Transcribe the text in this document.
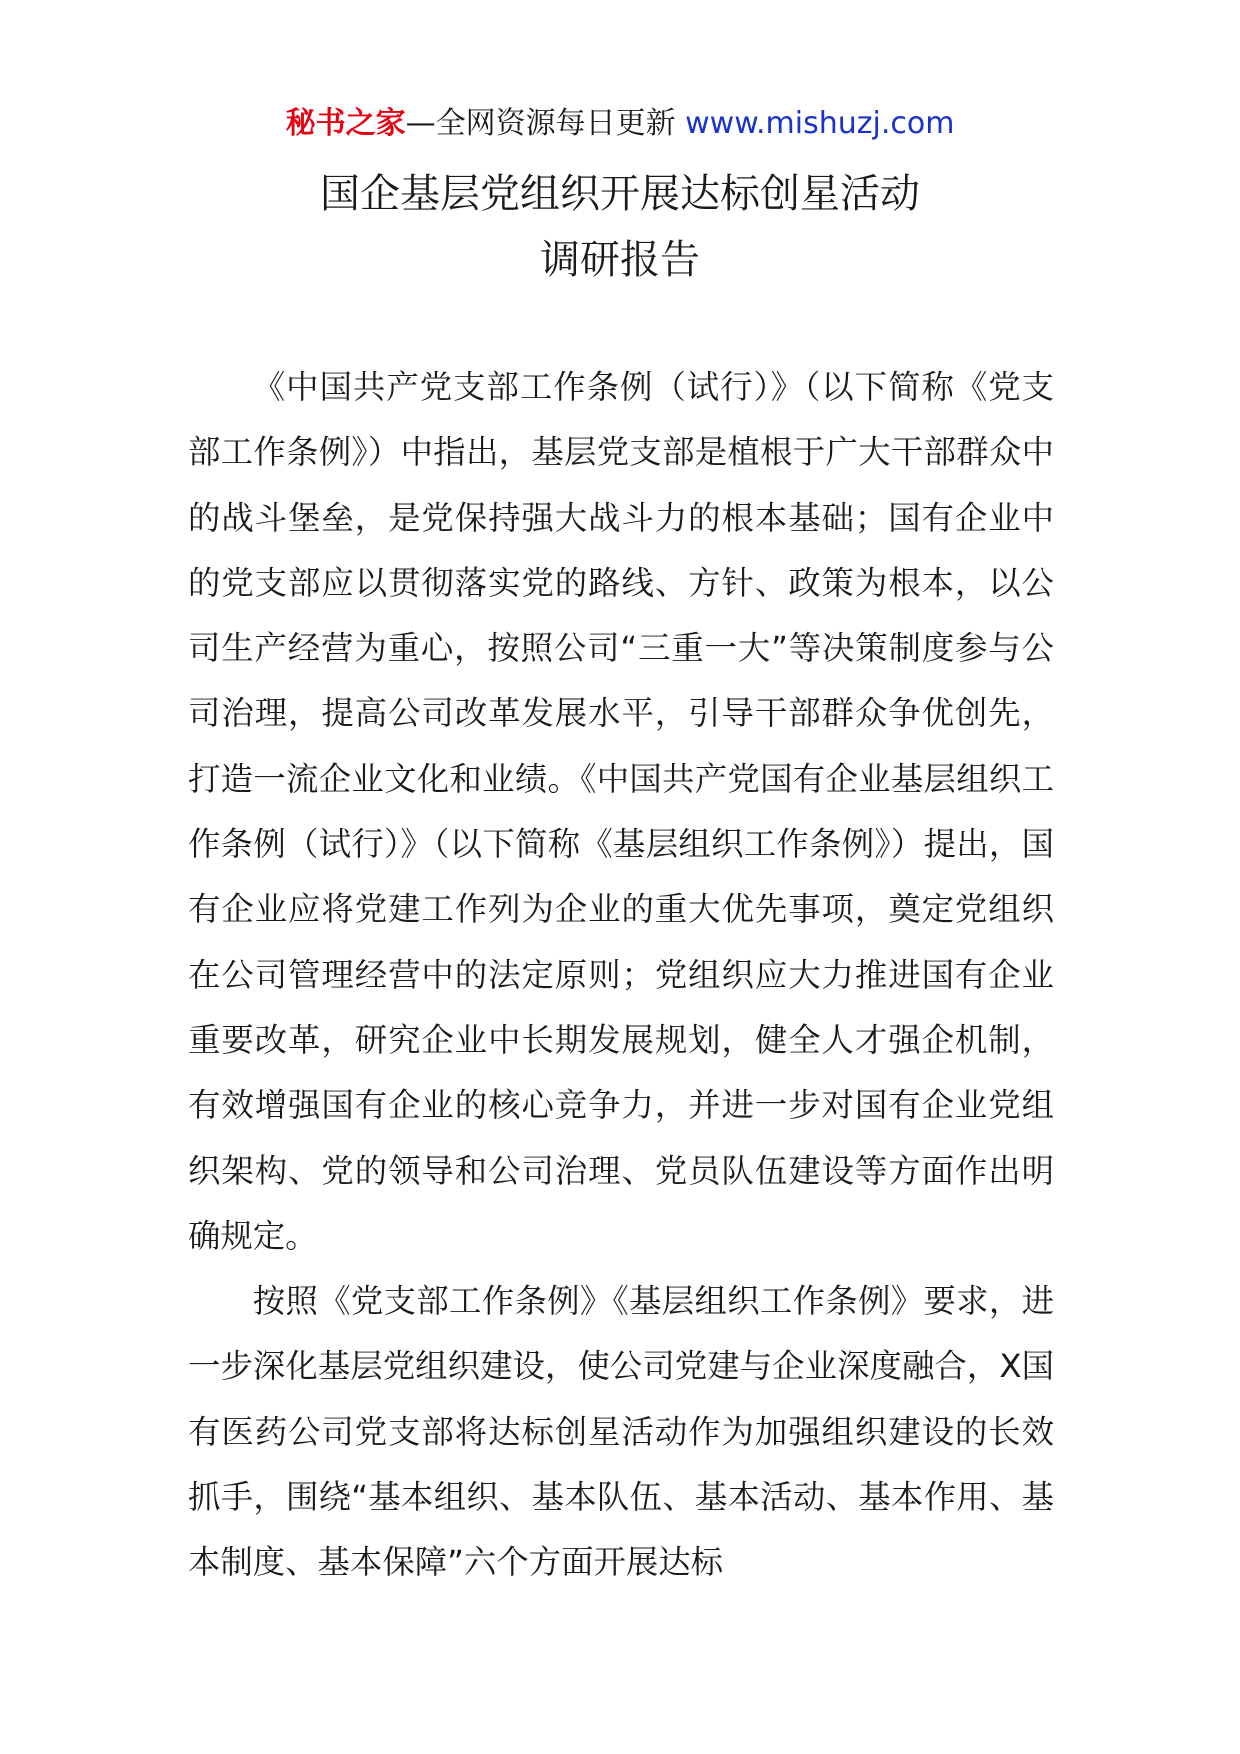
秘书之家—全网资源每日更新 www.mishuzj.com
国企基层党组织开展达标创星活动
调研报告

《中国共产党支部工作条例（试行）》（以下简称《党支部工作条例》）中指出，基层党支部是植根于广大干部群众中的战斗堡垒，是党保持强大战斗力的根本基础；国有企业中的党支部应以贯彻落实党的路线、方针、政策为根本，以公司生产经营为重心，按照公司“三重一大”等决策制度参与公司治理，提高公司改革发展水平，引导干部群众争优创先，打造一流企业文化和业绩。《中国共产党国有企业基层组织工作条例（试行）》（以下简称《基层组织工作条例》）提出，国有企业应将党建工作列为企业的重大优先事项，奠定党组织在公司管理经营中的法定原则；党组织应大力推进国有企业重要改革，研究企业中长期发展规划，健全人才强企机制，有效增强国有企业的核心竞争力，并进一步对国有企业党组织架构、党的领导和公司治理、党员队伍建设等方面作出明确规定。

按照《党支部工作条例》《基层组织工作条例》要求，进一步深化基层党组织建设，使公司党建与企业深度融合，X国有医药公司党支部将达标创星活动作为加强组织建设的长效抓手，围绕“基本组织、基本队伍、基本活动、基本作用、基本制度、基本保障”六个方面开展达标
